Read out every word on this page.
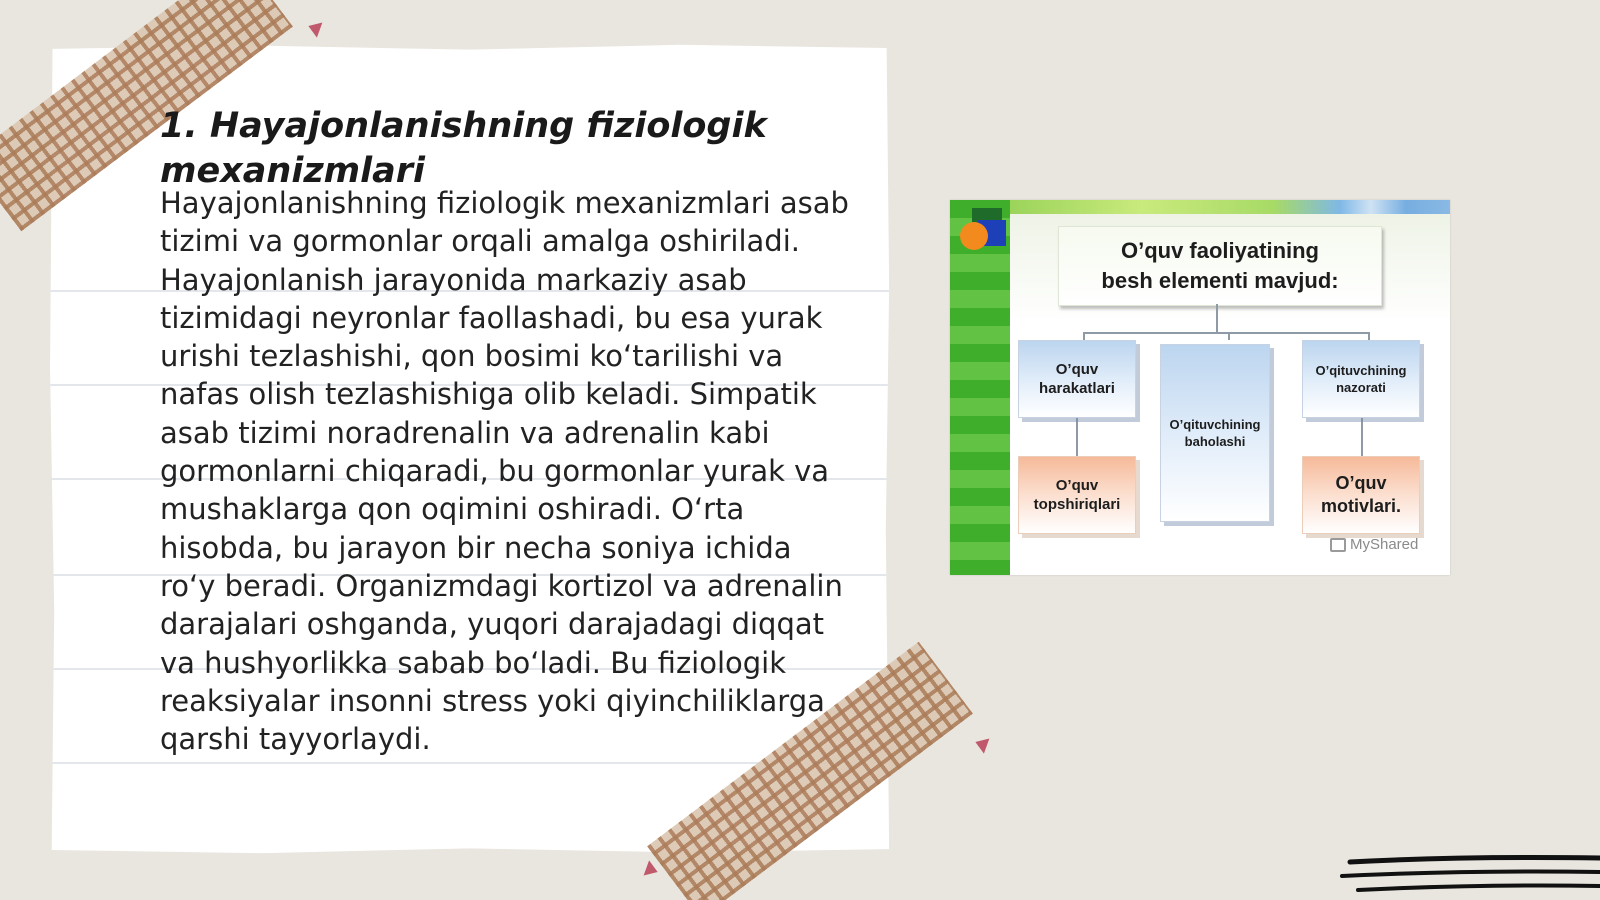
1. Hayajonlanishning fiziologik mexanizmlari

Hayajonlanishning fiziologik mexanizmlari asab tizimi va gormonlar orqali amalga oshiriladi. Hayajonlanish jarayonida markaziy asab tizimidagi neyronlar faollashadi, bu esa yurak urishi tezlashishi, qon bosimi ko‘tarilishi va nafas olish tezlashishiga olib keladi. Simpatik asab tizimi noradrenalin va adrenalin kabi gormonlarni chiqaradi, bu gormonlar yurak va mushaklarga qon oqimini oshiradi. O‘rta hisobda, bu jarayon bir necha soniya ichida ro‘y beradi. Organizmdagi kortizol va adrenalin darajalari oshganda, yuqori darajadagi diqqat va hushyorlikka sabab bo‘ladi. Bu fiziologik reaksiyalar insonni stress yoki qiyinchiliklarga qarshi tayyorlaydi.

O’quv faoliyatining
besh elementi mavjud:
O’quv harakatlari
O’quv topshiriqlari
O’qituvchining baholashi
O’qituvchining nazorati
O’quv motivlari.
MyShared
